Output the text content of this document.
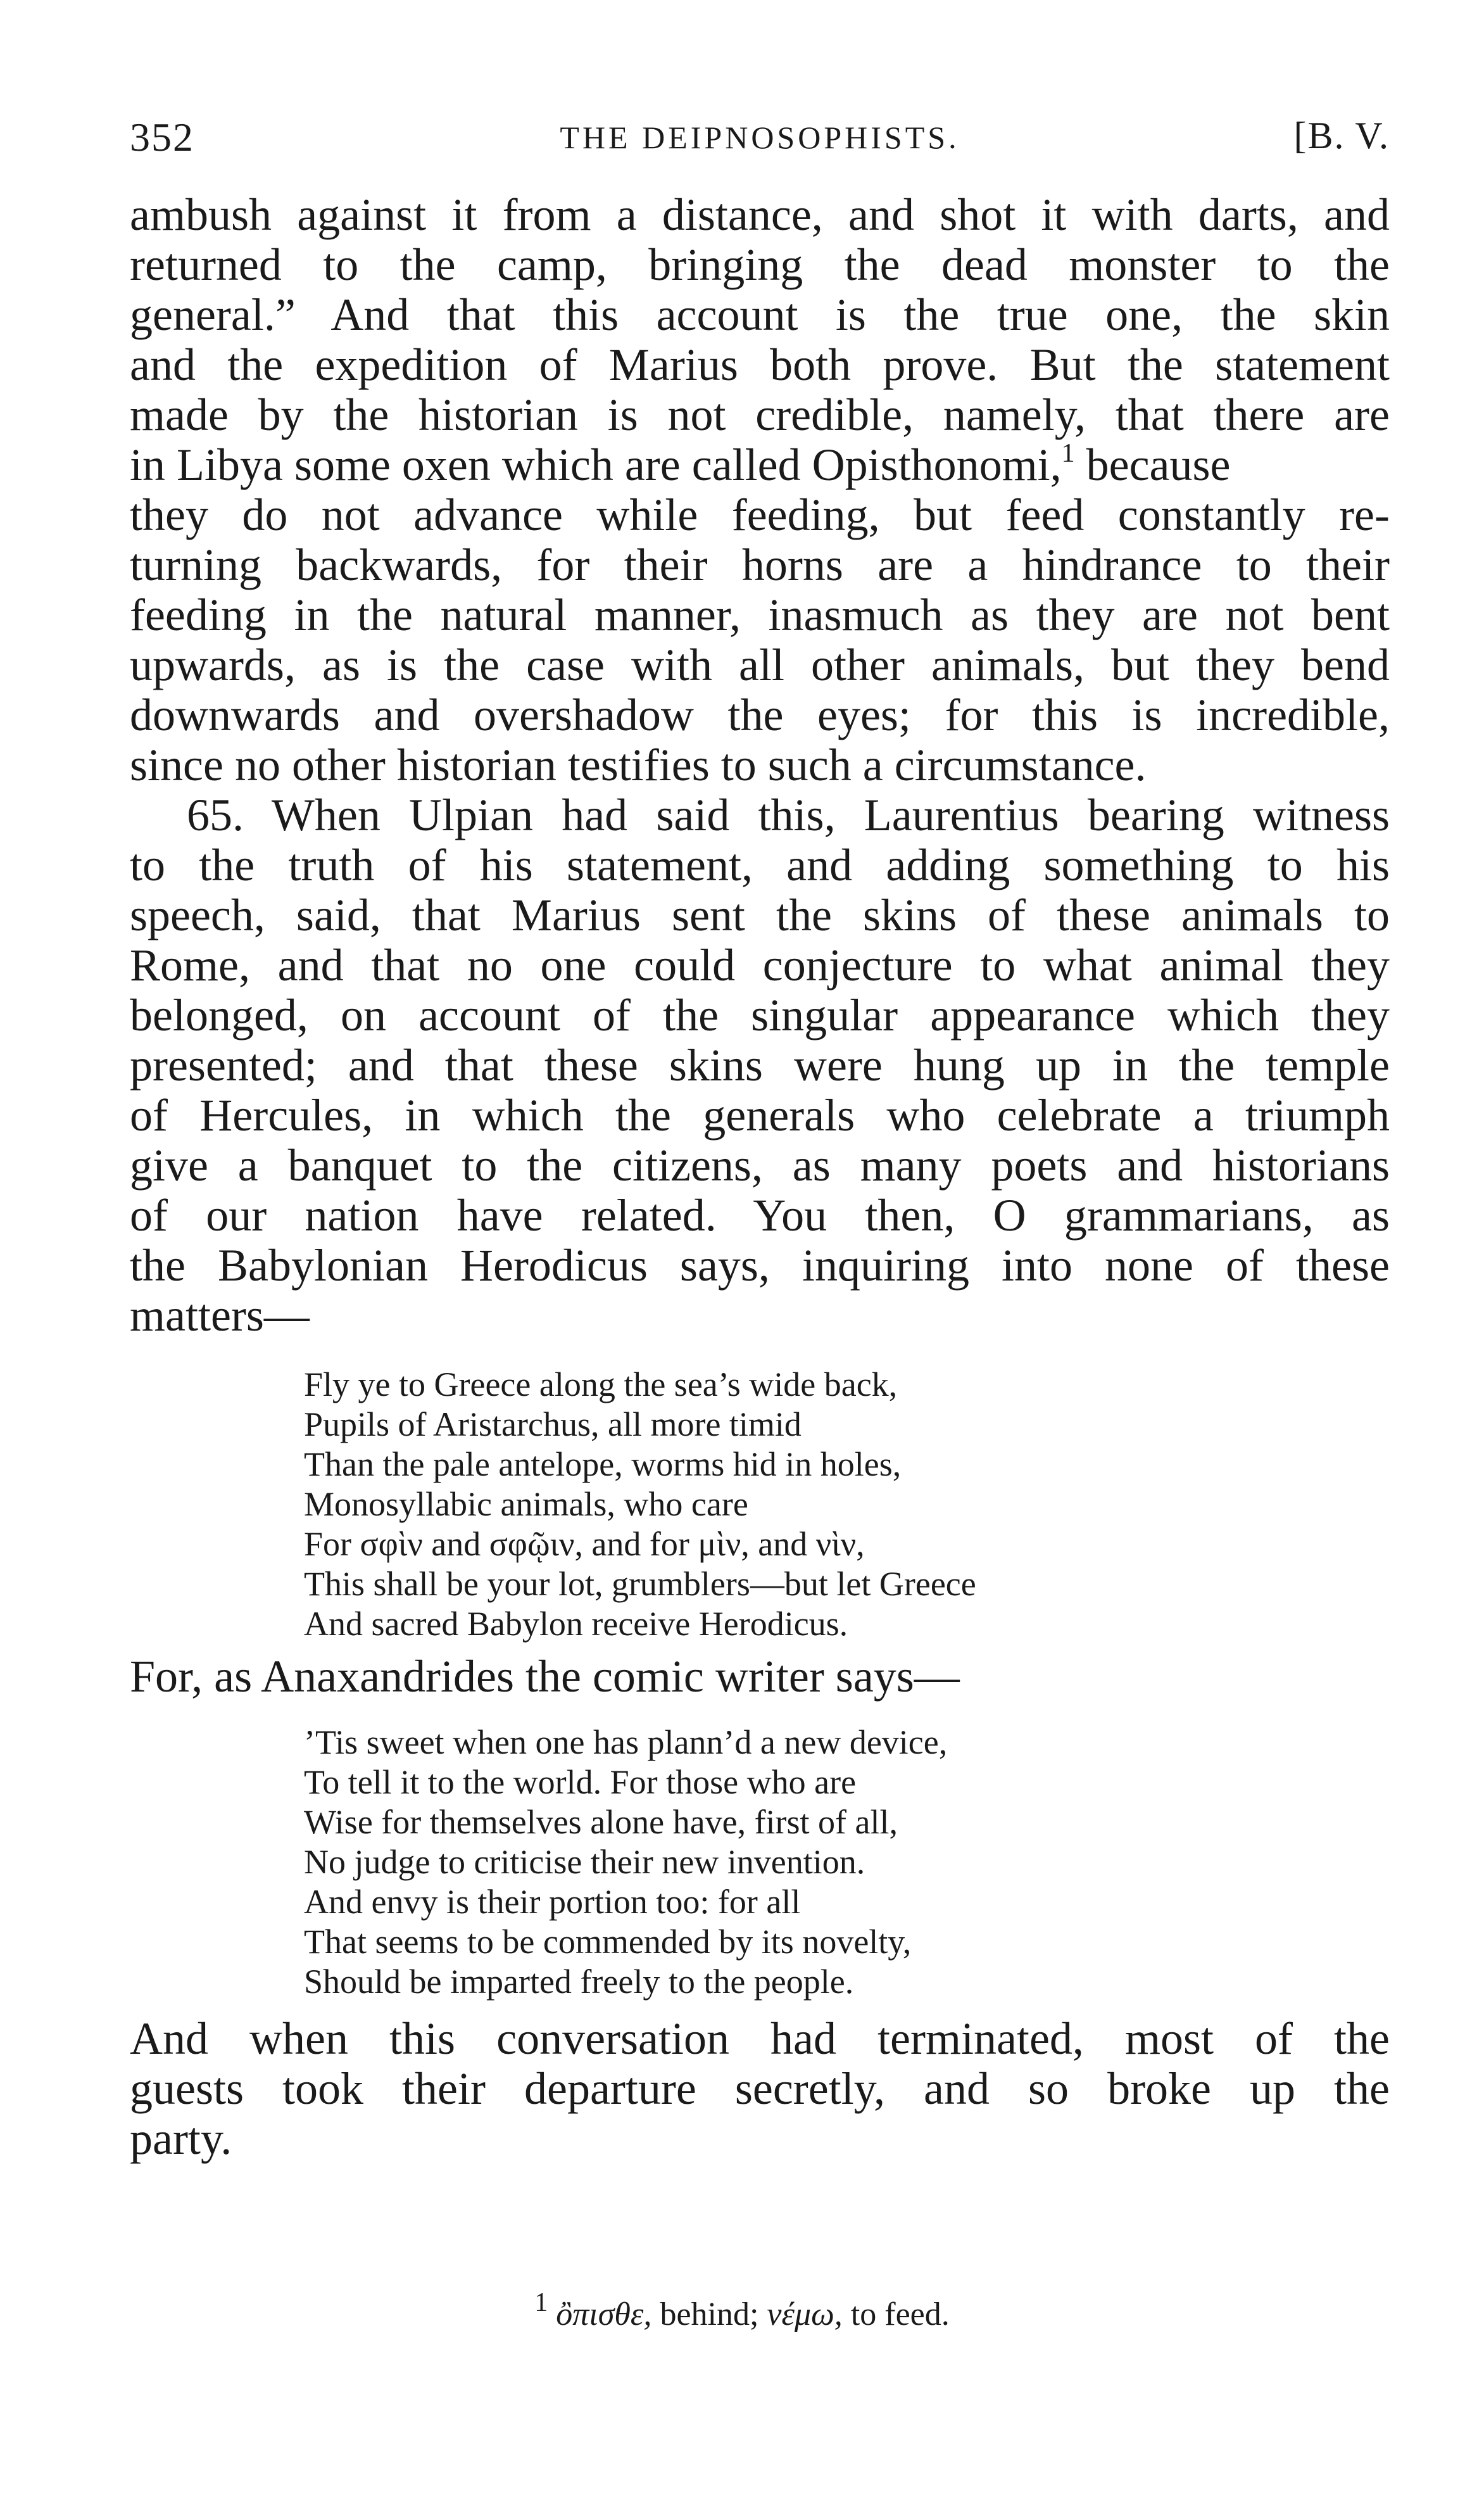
352	THE DEIPNOSOPHISTS.	[B. V.
ambush against it from a distance, and shot it with darts, and
returned to the camp, bringing the dead monster to the
general.” And that this account is the true one, the skin
and the expedition of Marius both prove. But the statement
made by the historian is not credible, namely, that there are
in Libya some oxen which are called Opisthonomi,$^1$ because
they do not advance while feeding, but feed constantly re-
turning backwards, for their horns are a hindrance to their
feeding in the natural manner, inasmuch as they are not bent
upwards, as is the case with all other animals, but they bend
downwards and overshadow the eyes; for this is incredible,
since no other historian testifies to such a circumstance.
65. When Ulpian had said this, Laurentius bearing witness
to the truth of his statement, and adding something to his
speech, said, that Marius sent the skins of these animals to
Rome, and that no one could conjecture to what animal they
belonged, on account of the singular appearance which they
presented; and that these skins were hung up in the temple
of Hercules, in which the generals who celebrate a triumph
give a banquet to the citizens, as many poets and historians
of our nation have related. You then, O grammarians, as
the Babylonian Herodicus says, inquiring into none of these
matters—
Fly ye to Greece along the sea’s wide back,
Pupils of Aristarchus, all more timid
Than the pale antelope, worms hid in holes,
Monosyllabic animals, who care
For σφὶν and σφῷιν, and for μὶν, and νὶν,
This shall be your lot, grumblers—but let Greece
And sacred Babylon receive Herodicus.
For, as Anaxandrides the comic writer says—
’Tis sweet when one has plann’d a new device,
To tell it to the world. For those who are
Wise for themselves alone have, first of all,
No judge to criticise their new invention.
And envy is their portion too: for all
That seems to be commended by its novelty,
Should be imparted freely to the people.
And when this conversation had terminated, most of the
guests took their departure secretly, and so broke up the
party.
$^1$ ὂπισθε, behind; νέμω, to feed.
